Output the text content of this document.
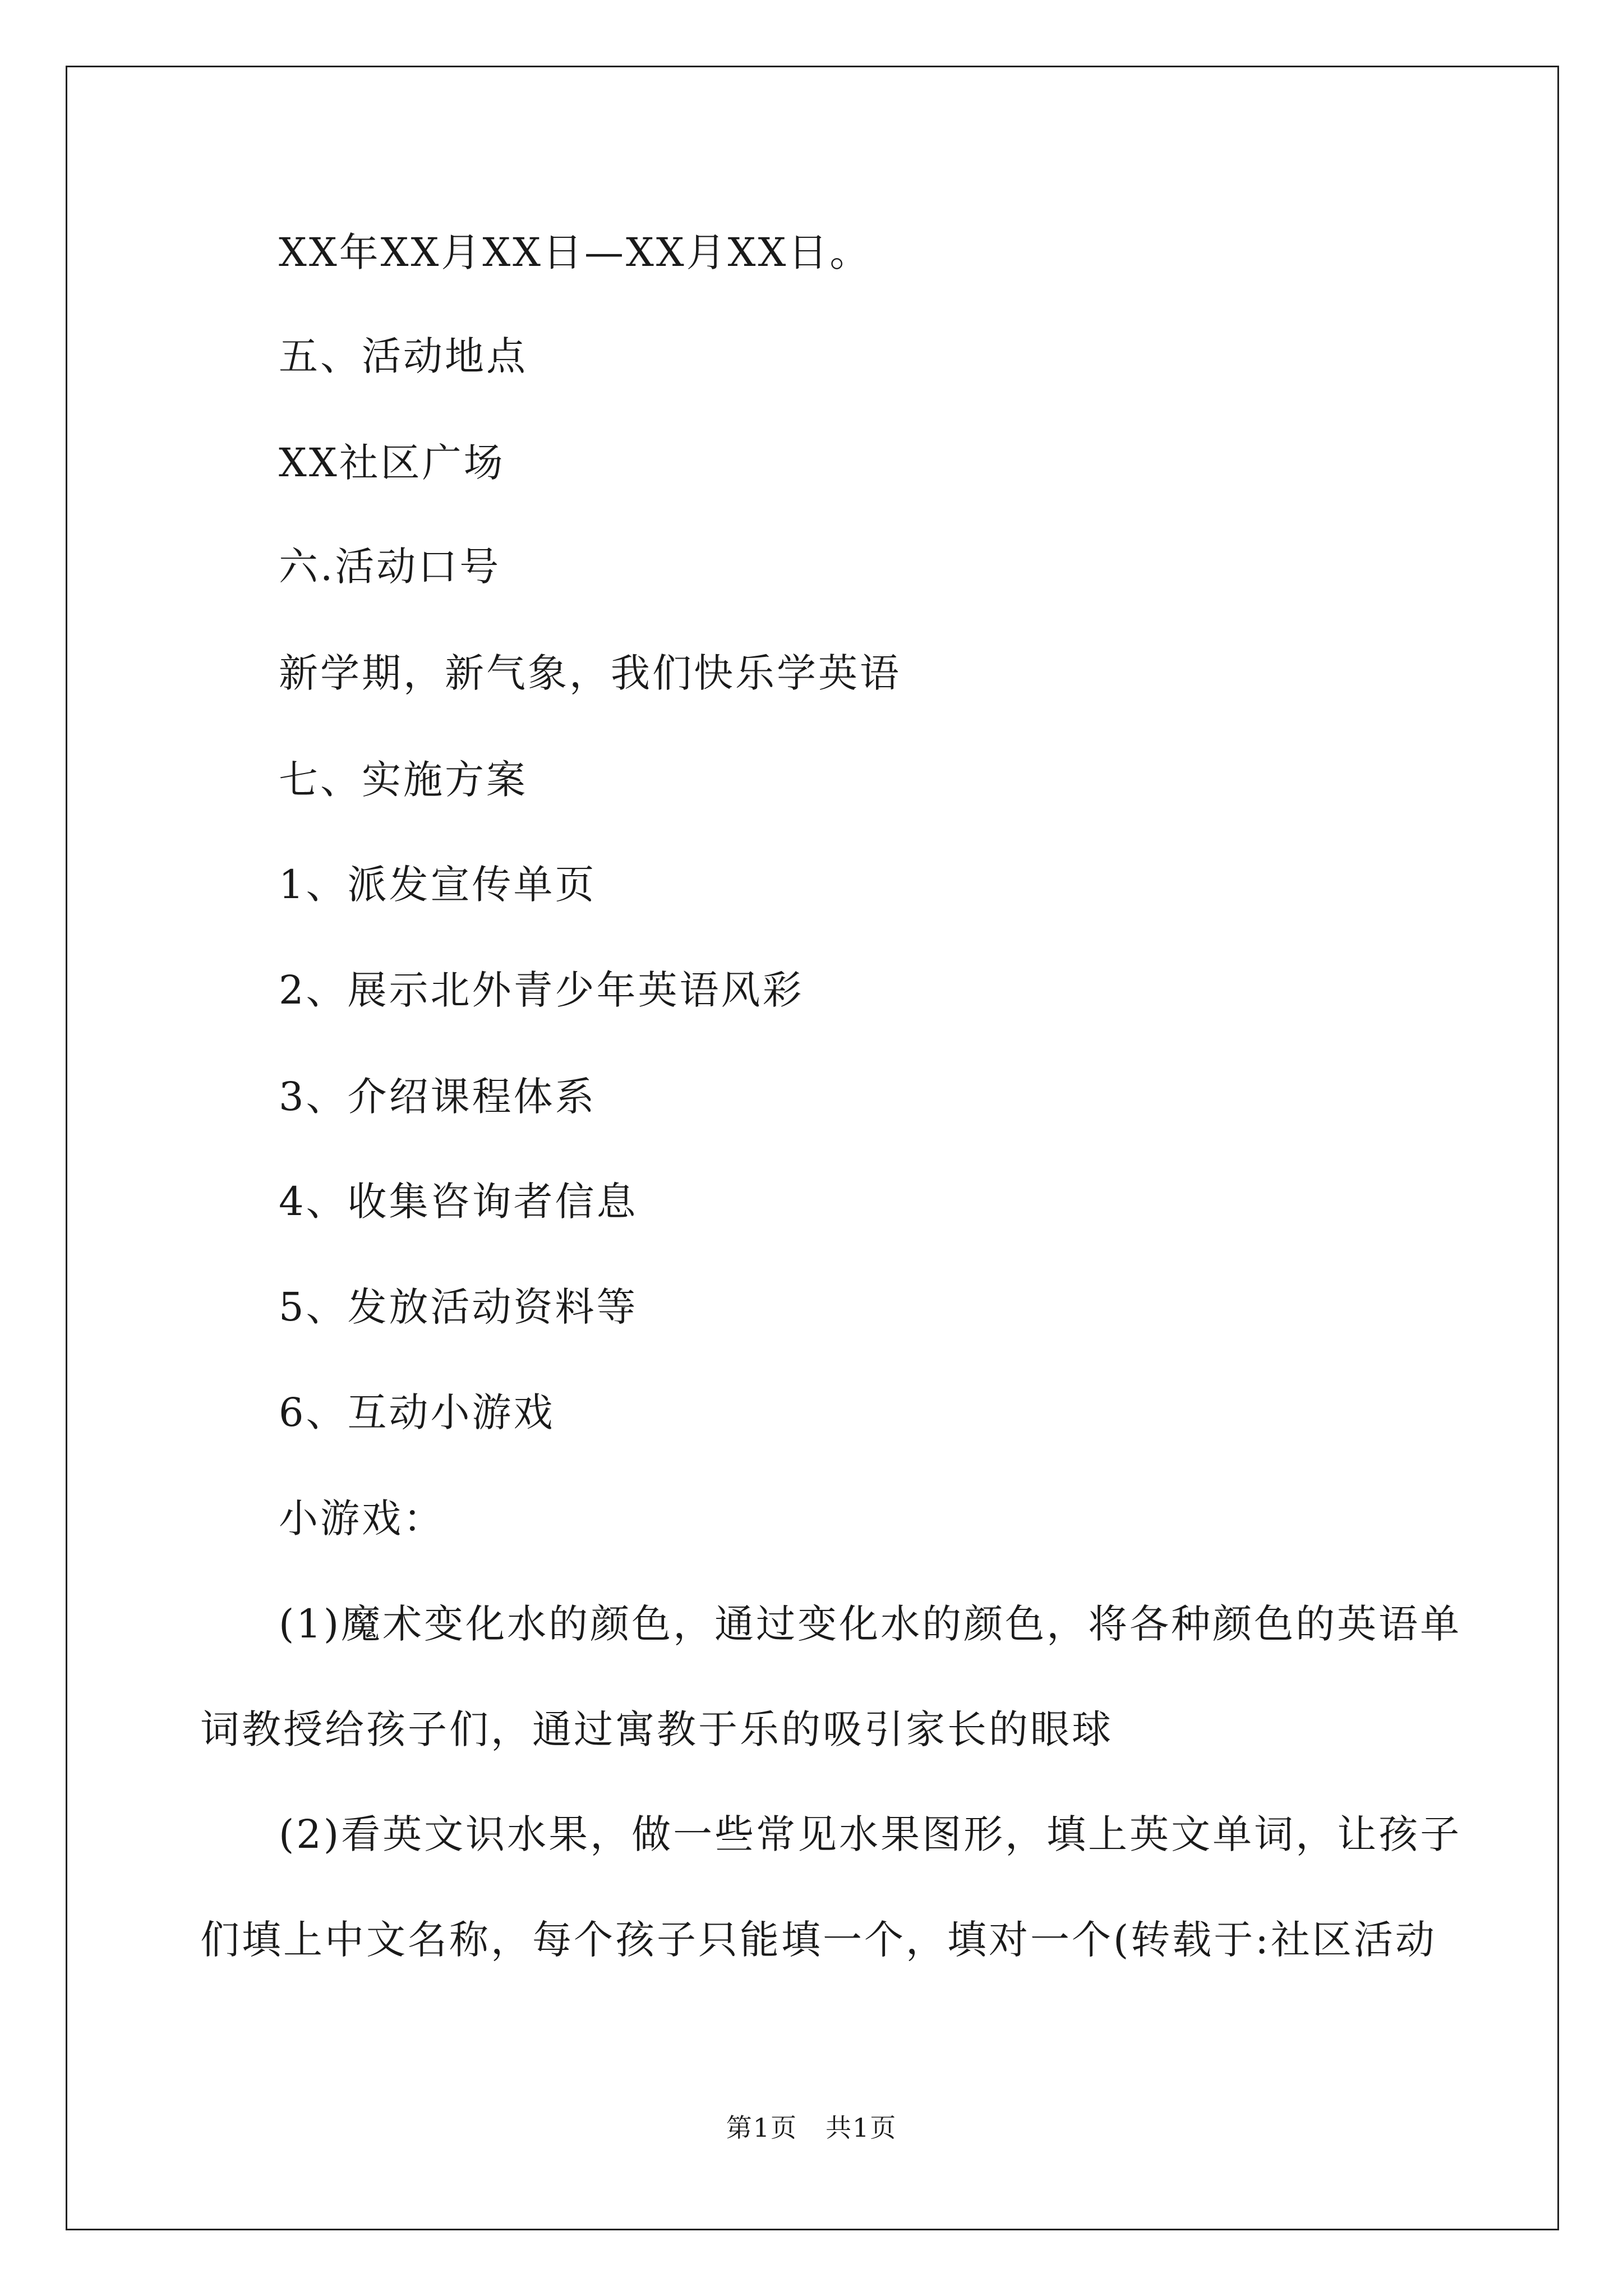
XX年XX月XX日—XX月XX日。
五、活动地点
XX社区广场
六.活动口号
新学期，新气象，我们快乐学英语
七、实施方案
1、派发宣传单页
2、展示北外青少年英语风彩
3、介绍课程体系
4、收集咨询者信息
5、发放活动资料等
6、互动小游戏
小游戏：
(1)魔术变化水的颜色，通过变化水的颜色，将各种颜色的英语单
词教授给孩子们，通过寓教于乐的吸引家长的眼球
(2)看英文识水果，做一些常见水果图形，填上英文单词，让孩子
们填上中文名称，每个孩子只能填一个，填对一个(转载于:社区活动
第1页 共1页
